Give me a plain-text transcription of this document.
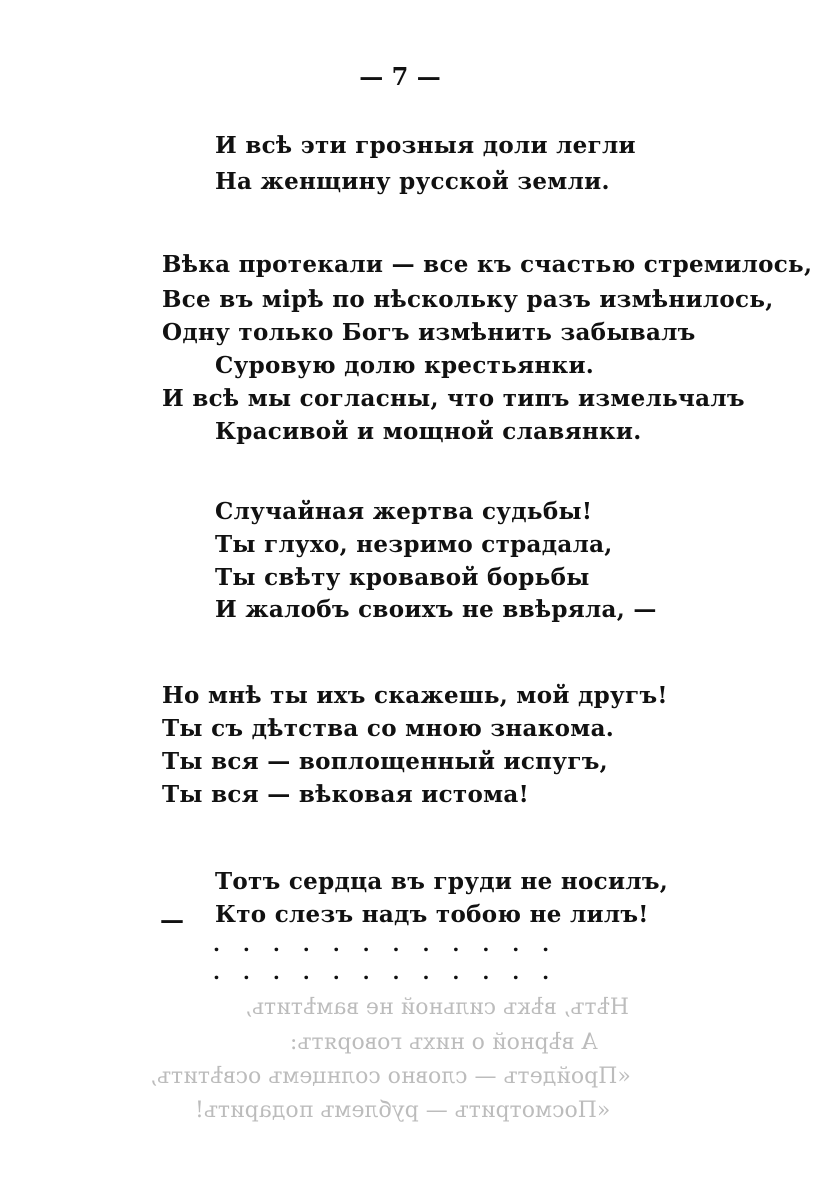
— 7 —
И всѣ эти грозныя доли легли
На женщину русской земли.
Вѣка протекали — все къ счастью стремилось,
Все въ мірѣ по нѣскольку разъ измѣнилось,
Одну только Богъ измѣнить забывалъ
Суровую долю крестьянки.
И всѣ мы согласны, что типъ измельчалъ
Красивой и мощной славянки.
Случайная жертва судьбы!
Ты глухо, незримо страдала,
Ты свѣту кровавой борьбы
И жалобъ своихъ не ввѣряла, —
Но мнѣ ты ихъ скажешь, мой другъ!
Ты съ дѣтства со мною знакома.
Ты вся — воплощенный испугъ,
Ты вся — вѣковая истома!
Тотъ сердца въ груди не носилъ,
— Кто слезъ надъ тобою не лилъ!
. . . . . . . . . . . .
. . . . . . . . . . . .
Нѣтъ, вѣкъ сильной не вамѣтить,
А вѣрной о нихъ говорятъ:
«Пройдетъ — словно солнцемъ освѣтитъ,
«Посмотритъ — рублемъ подаритъ!
